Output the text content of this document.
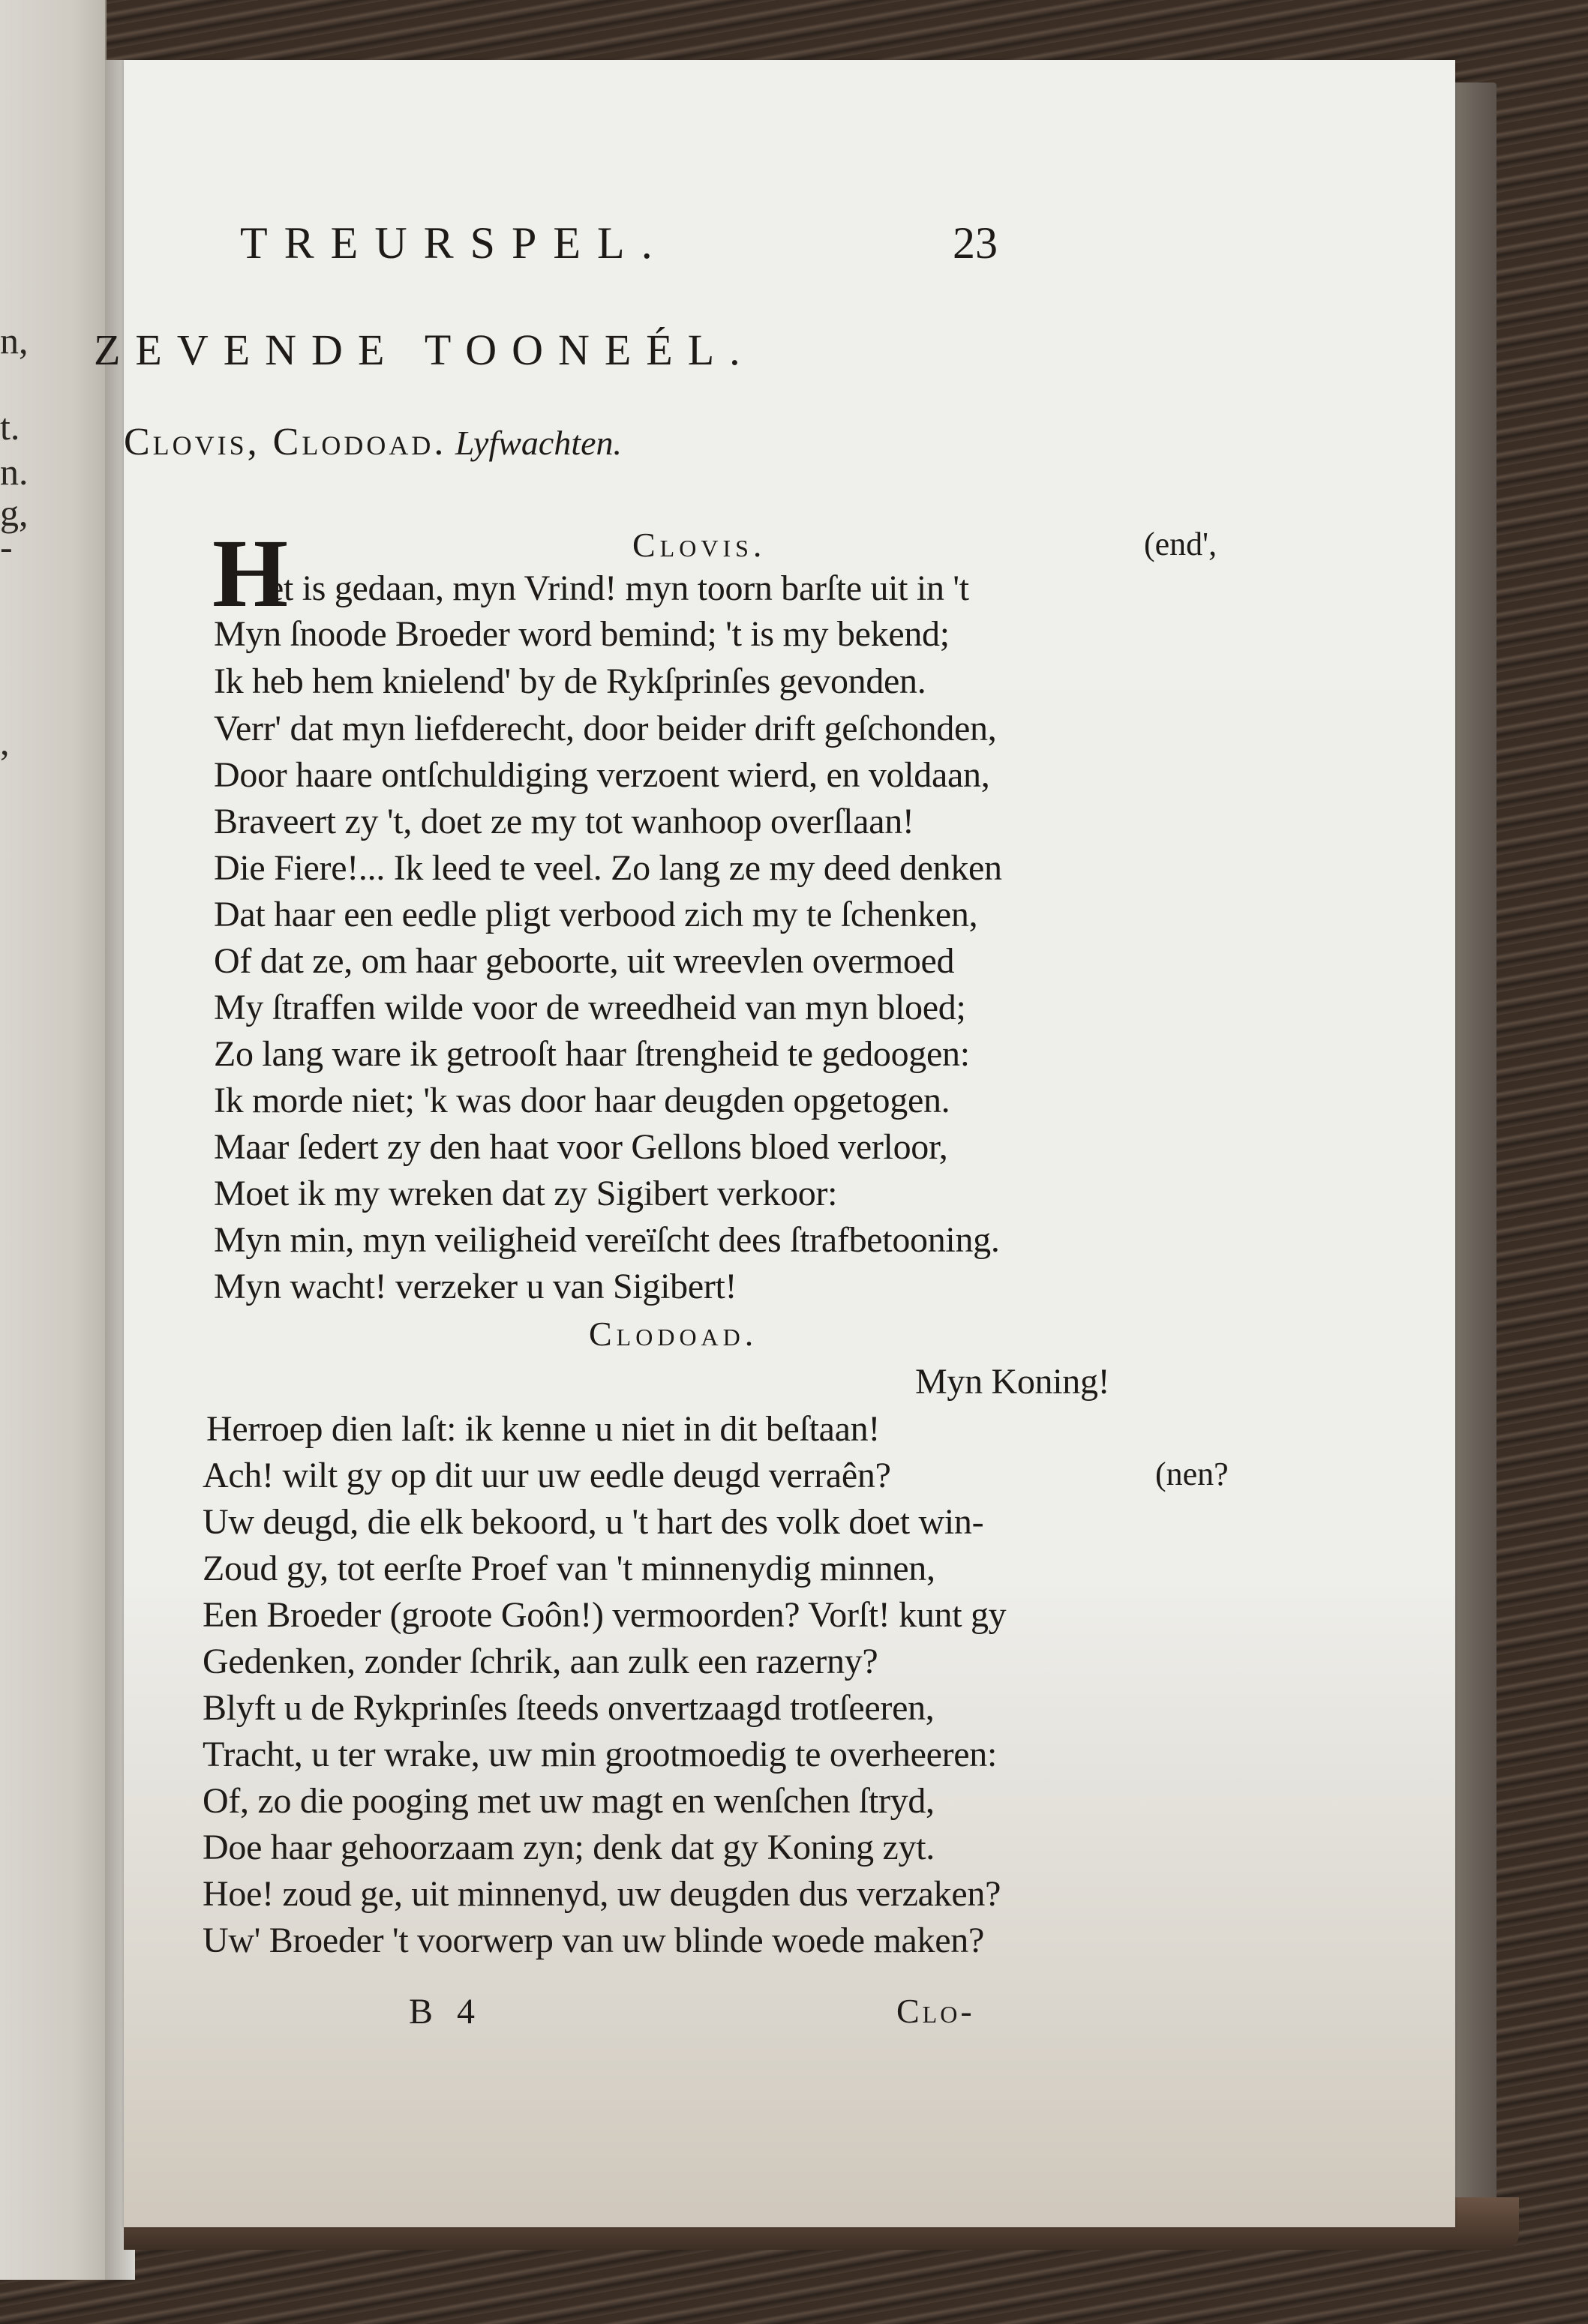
n,
t.
n.
g,
-
,
TREURSPEL.	23
ZEVENDE TOONEÉL.
Clovis, Clodoad. Lyfwachten.
Clovis.	(end',
H
et is gedaan, myn Vrind! myn toorn barſte uit in 't
Myn ſnoode Broeder word bemind; 't is my bekend;
Ik heb hem knielend' by de Rykſprinſes gevonden.
Verr' dat myn liefderecht, door beider drift geſchonden,
Door haare ontſchuldiging verzoent wierd, en voldaan,
Braveert zy 't, doet ze my tot wanhoop overſlaan!
Die Fiere!... Ik leed te veel. Zo lang ze my deed denken
Dat haar een eedle pligt verbood zich my te ſchenken,
Of dat ze, om haar geboorte, uit wreevlen overmoed
My ſtraffen wilde voor de wreedheid van myn bloed;
Zo lang ware ik getrooſt haar ſtrengheid te gedoogen:
Ik morde niet; 'k was door haar deugden opgetogen.
Maar ſedert zy den haat voor Gellons bloed verloor,
Moet ik my wreken dat zy Sigibert verkoor:
Myn min, myn veiligheid vereïſcht dees ſtrafbetooning.
Myn wacht! verzeker u van Sigibert!
Clodoad.
Myn Koning!
Herroep dien laſt: ik kenne u niet in dit beſtaan!
Ach! wilt gy op dit uur uw eedle deugd verraên?	(nen?
Uw deugd, die elk bekoord, u 't hart des volk doet win-
Zoud gy, tot eerſte Proef van 't minnenydig minnen,
Een Broeder (groote Goôn!) vermoorden? Vorſt! kunt gy
Gedenken, zonder ſchrik, aan zulk een razerny?
Blyft u de Rykprinſes ſteeds onvertzaagd trotſeeren,
Tracht, u ter wrake, uw min grootmoedig te overheeren:
Of, zo die pooging met uw magt en wenſchen ſtryd,
Doe haar gehoorzaam zyn; denk dat gy Koning zyt.
Hoe! zoud ge, uit minnenyd, uw deugden dus verzaken?
Uw' Broeder 't voorwerp van uw blinde woede maken?
B 4	Clo-
